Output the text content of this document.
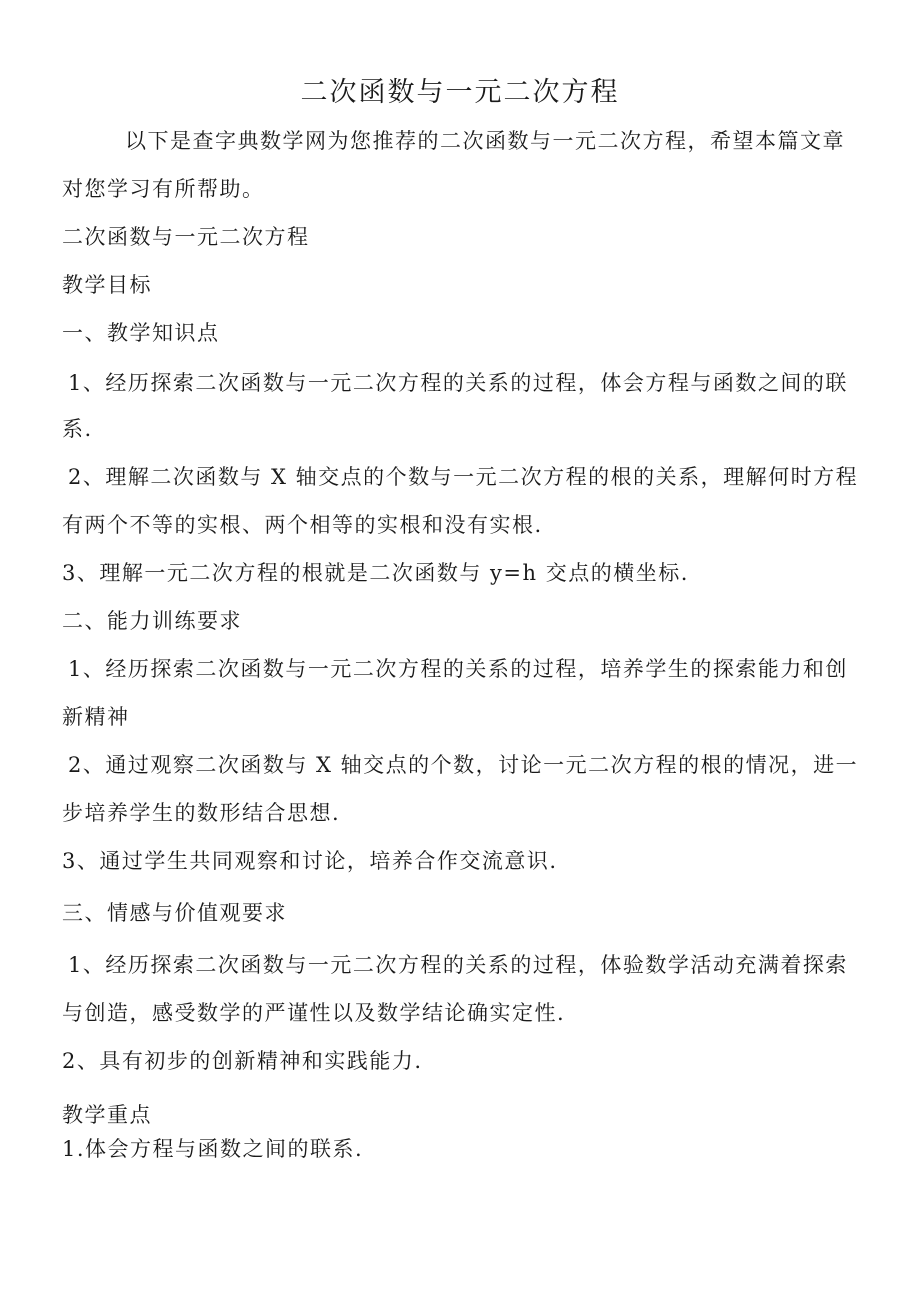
二次函数与一元二次方程
以下是查字典数学网为您推荐的二次函数与一元二次方程，希望本篇文章
对您学习有所帮助。
二次函数与一元二次方程
教学目标
一、教学知识点
1、经历探索二次函数与一元二次方程的关系的过程，体会方程与函数之间的联
系.
2、理解二次函数与 X 轴交点的个数与一元二次方程的根的关系，理解何时方程
有两个不等的实根、两个相等的实根和没有实根.
3、理解一元二次方程的根就是二次函数与 y=h 交点的横坐标.
二、能力训练要求
1、经历探索二次函数与一元二次方程的关系的过程，培养学生的探索能力和创
新精神
2、通过观察二次函数与 X 轴交点的个数，讨论一元二次方程的根的情况，进一
步培养学生的数形结合思想.
3、通过学生共同观察和讨论，培养合作交流意识.
三、情感与价值观要求
1、经历探索二次函数与一元二次方程的关系的过程，体验数学活动充满着探索
与创造，感受数学的严谨性以及数学结论确实定性.
2、具有初步的创新精神和实践能力.
教学重点
1.体会方程与函数之间的联系.
